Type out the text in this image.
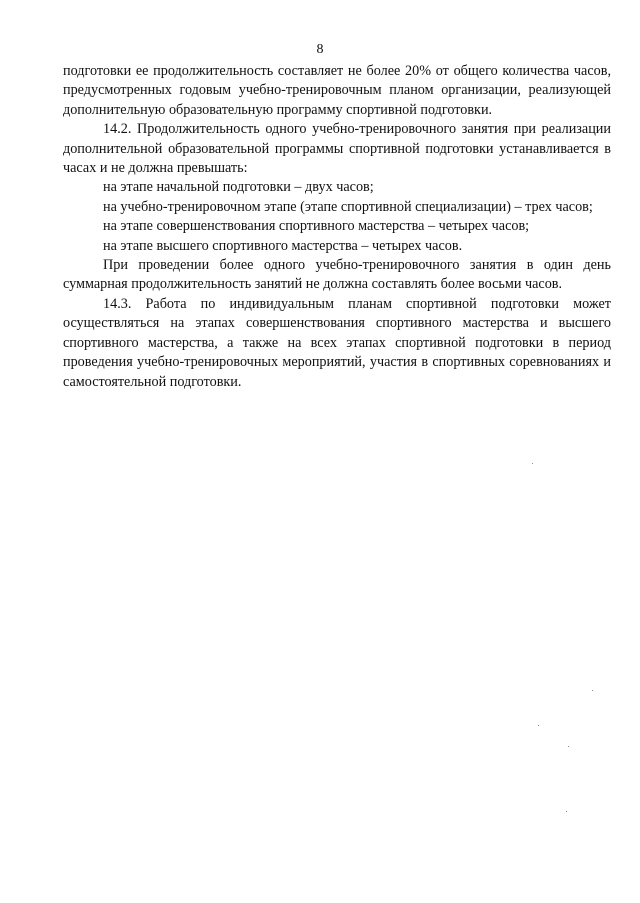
8

подготовки ее продолжительность составляет не более 20% от общего количества часов, предусмотренных годовым учебно-тренировочным планом организации, реализующей дополнительную образовательную программу спортивной подготовки.

14.2. Продолжительность одного учебно-тренировочного занятия при реализации дополнительной образовательной программы спортивной подготовки устанавливается в часах и не должна превышать:

на этапе начальной подготовки – двух часов;

на учебно-тренировочном этапе (этапе спортивной специализации) – трех часов;

на этапе совершенствования спортивного мастерства – четырех часов;

на этапе высшего спортивного мастерства – четырех часов.

При проведении более одного учебно-тренировочного занятия в один день суммарная продолжительность занятий не должна составлять более восьми часов.

14.3. Работа по индивидуальным планам спортивной подготовки может осуществляться на этапах совершенствования спортивного мастерства и высшего спортивного мастерства, а также на всех этапах спортивной подготовки в период проведения учебно-тренировочных мероприятий, участия в спортивных соревнованиях и самостоятельной подготовки.
